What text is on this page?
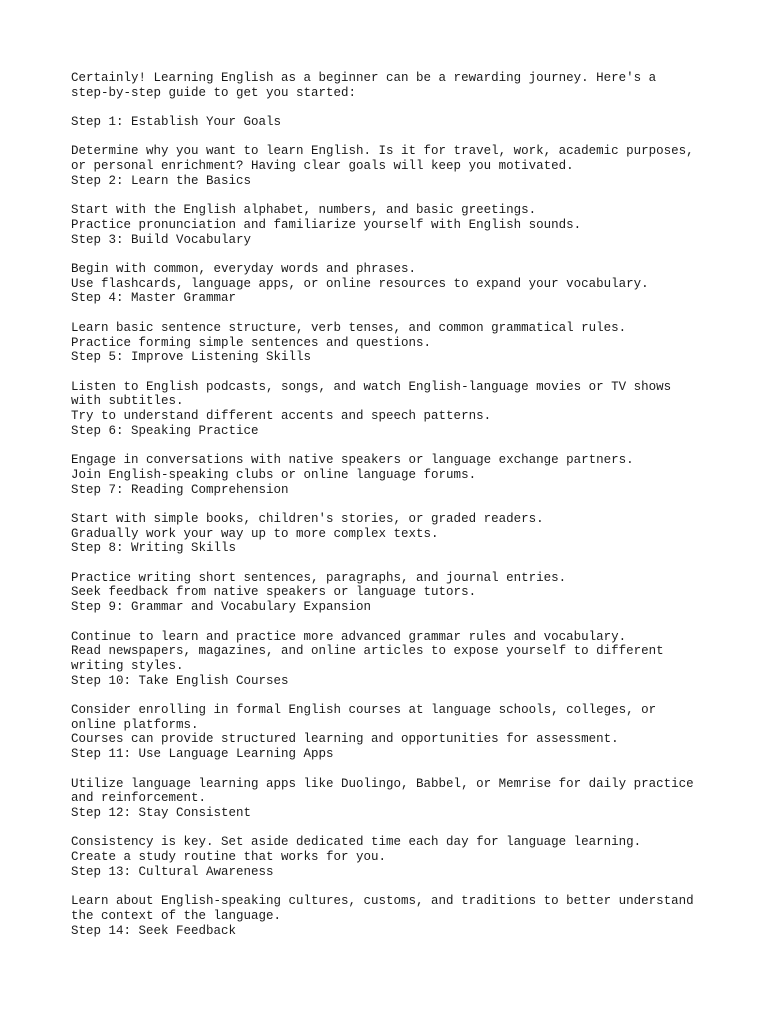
Certainly! Learning English as a beginner can be a rewarding journey. Here's a
step-by-step guide to get you started:
Step 1: Establish Your Goals
Determine why you want to learn English. Is it for travel, work, academic purposes,
or personal enrichment? Having clear goals will keep you motivated.
Step 2: Learn the Basics
Start with the English alphabet, numbers, and basic greetings.
Practice pronunciation and familiarize yourself with English sounds.
Step 3: Build Vocabulary
Begin with common, everyday words and phrases.
Use flashcards, language apps, or online resources to expand your vocabulary.
Step 4: Master Grammar
Learn basic sentence structure, verb tenses, and common grammatical rules.
Practice forming simple sentences and questions.
Step 5: Improve Listening Skills
Listen to English podcasts, songs, and watch English-language movies or TV shows
with subtitles.
Try to understand different accents and speech patterns.
Step 6: Speaking Practice
Engage in conversations with native speakers or language exchange partners.
Join English-speaking clubs or online language forums.
Step 7: Reading Comprehension
Start with simple books, children's stories, or graded readers.
Gradually work your way up to more complex texts.
Step 8: Writing Skills
Practice writing short sentences, paragraphs, and journal entries.
Seek feedback from native speakers or language tutors.
Step 9: Grammar and Vocabulary Expansion
Continue to learn and practice more advanced grammar rules and vocabulary.
Read newspapers, magazines, and online articles to expose yourself to different
writing styles.
Step 10: Take English Courses
Consider enrolling in formal English courses at language schools, colleges, or
online platforms.
Courses can provide structured learning and opportunities for assessment.
Step 11: Use Language Learning Apps
Utilize language learning apps like Duolingo, Babbel, or Memrise for daily practice
and reinforcement.
Step 12: Stay Consistent
Consistency is key. Set aside dedicated time each day for language learning.
Create a study routine that works for you.
Step 13: Cultural Awareness
Learn about English-speaking cultures, customs, and traditions to better understand
the context of the language.
Step 14: Seek Feedback
